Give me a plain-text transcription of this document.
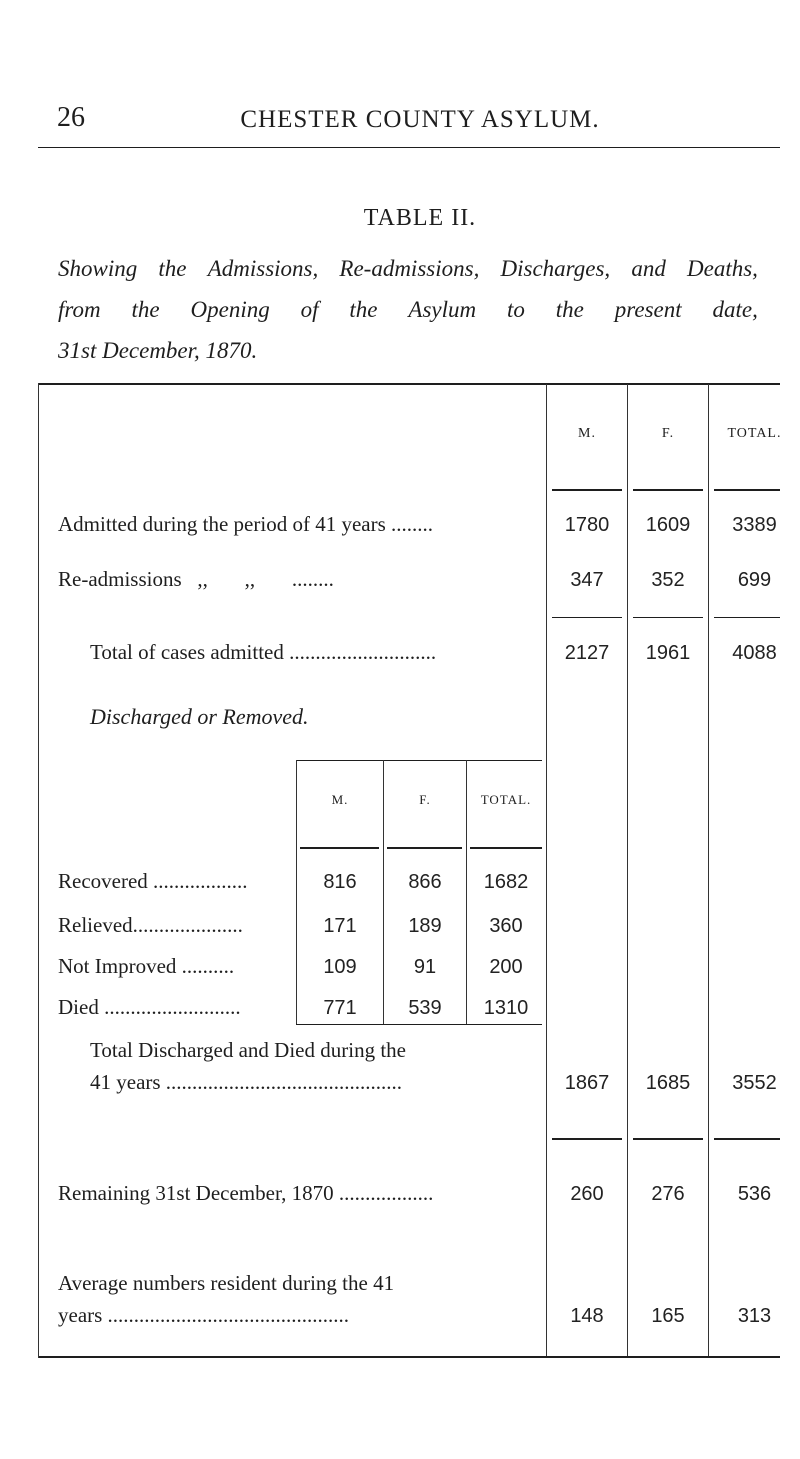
26	CHESTER COUNTY ASYLUM.
TABLE II.
Showing the Admissions, Re-admissions, Discharges, and Deaths,
from the Opening of the Asylum to the present date,
31st December, 1870.
M.	F.	TOTAL.
Admitted during the period of 41 years ........	1780	1609	3389
Re-admissions   ,,       ,,       ........	347	352	699
Total of cases admitted ............................	2127	1961	4088
Discharged or Removed.
M.	F.	TOTAL.
Recovered ..................	816	866	1682
Relieved.....................	171	189	360
Not Improved ..........	109	91	200
Died ..........................	771	539	1310
Total Discharged and Died during the
41 years .............................................	1867	1685	3552
Remaining 31st December, 1870 ..................	260	276	536
Average numbers resident during the 41
years ..............................................	148	165	313
